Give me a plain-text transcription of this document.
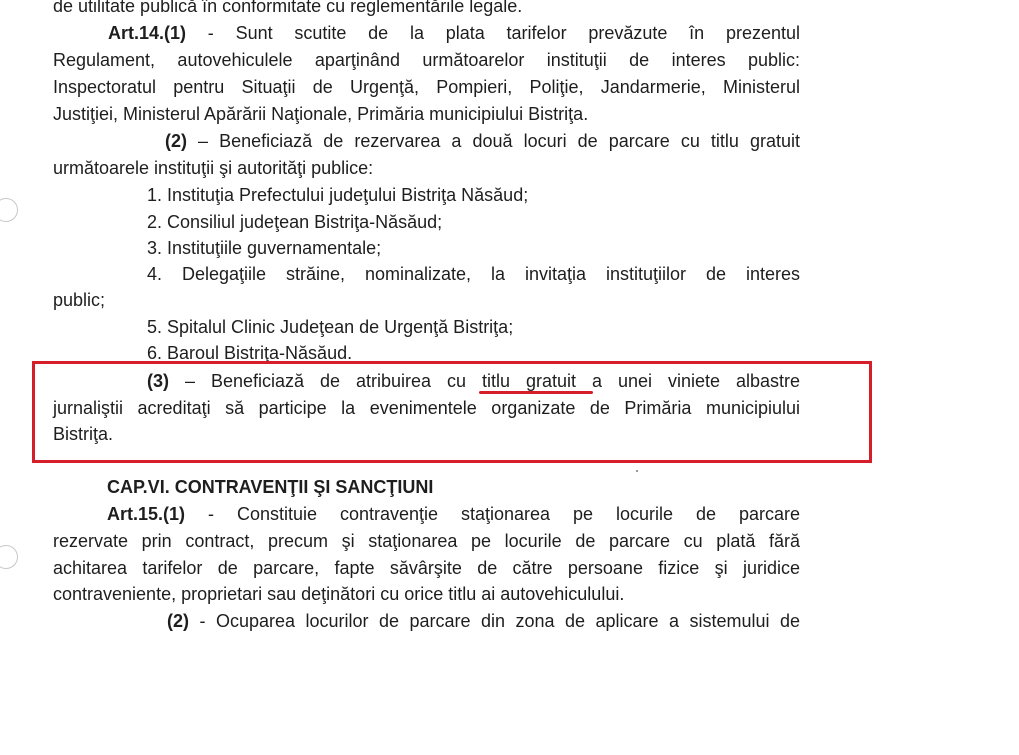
de utilitate publică în conformitate cu reglementările legale.
Art.14.(1) - Sunt scutite de la plata tarifelor prevăzute în prezentul
Regulament, autovehiculele aparţinând următoarelor instituţii de interes public:
Inspectoratul pentru Situaţii de Urgenţă, Pompieri, Poliţie, Jandarmerie, Ministerul
Justiţiei, Ministerul Apărării Naţionale, Primăria municipiului Bistriţa.
(2) – Beneficiază de rezervarea a două locuri de parcare cu titlu gratuit
următoarele instituţii şi autorităţi publice:
1. Instituţia Prefectului judeţului Bistriţa Năsăud;
2. Consiliul judeţean Bistriţa-Năsăud;
3. Instituţiile guvernamentale;
4. Delegaţiile străine, nominalizate, la invitaţia instituţiilor de interes
public;
5. Spitalul Clinic Judeţean de Urgenţă Bistriţa;
6. Baroul Bistriţa-Năsăud.
(3) – Beneficiază de atribuirea cu titlu gratuit a unei viniete albastre
jurnaliştii acreditaţi să participe la evenimentele organizate de Primăria municipiului
Bistriţa.
CAP.VI. CONTRAVENŢII ŞI SANCŢIUNI
Art.15.(1) - Constituie contravenţie staţionarea pe locurile de parcare
rezervate prin contract, precum şi staţionarea pe locurile de parcare cu plată fără
achitarea tarifelor de parcare, fapte săvârşite de către persoane fizice şi juridice
contraveniente, proprietari sau deţinători cu orice titlu ai autovehiculului.
(2) - Ocuparea locurilor de parcare din zona de aplicare a sistemului de
